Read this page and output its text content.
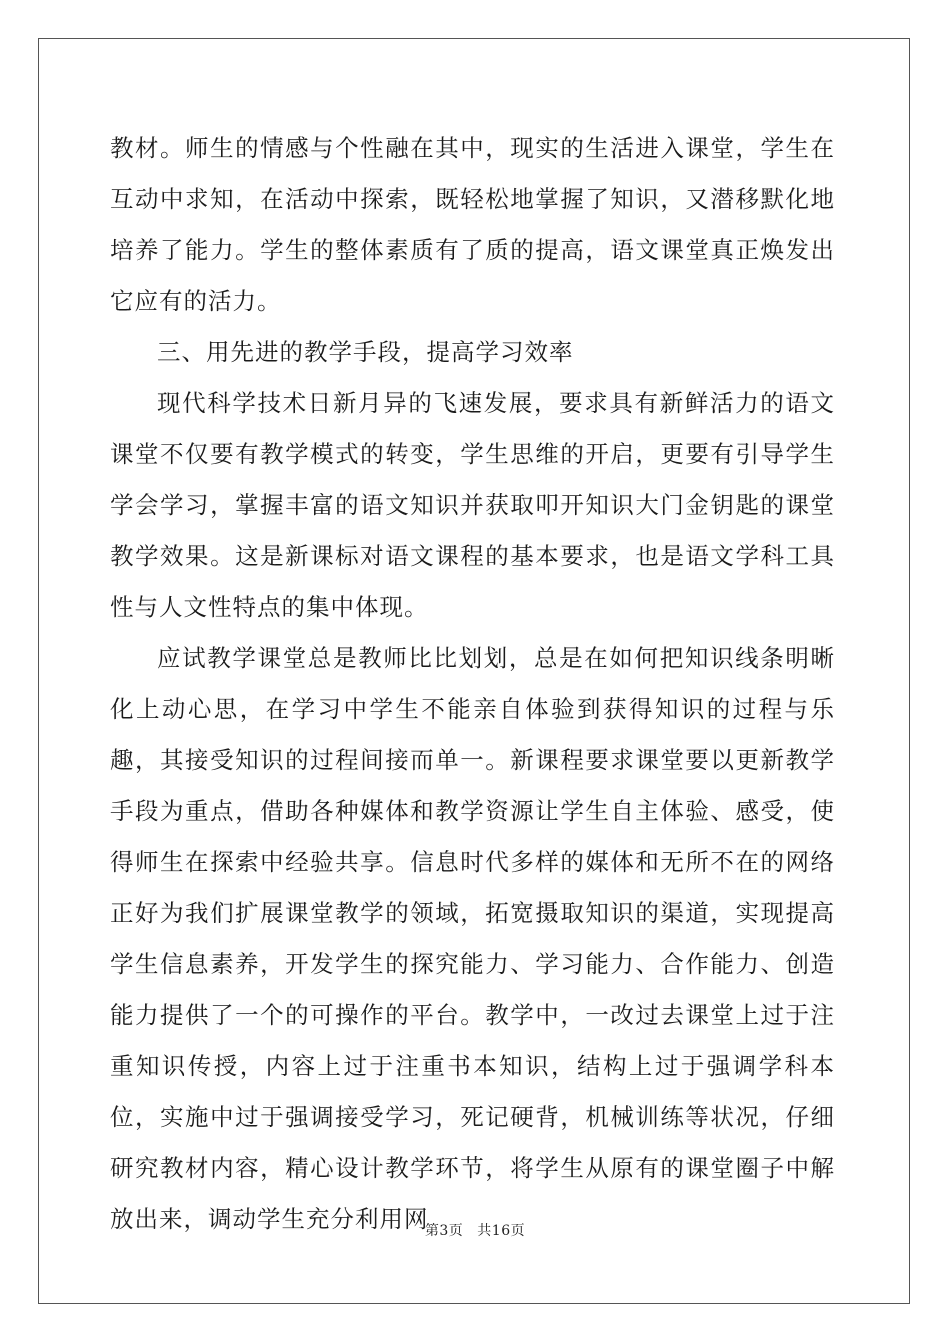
教材。师生的情感与个性融在其中，现实的生活进入课堂，学生在互动中求知，在活动中探索，既轻松地掌握了知识，又潜移默化地培养了能力。学生的整体素质有了质的提高，语文课堂真正焕发出它应有的活力。

三、用先进的教学手段，提高学习效率

现代科学技术日新月异的飞速发展，要求具有新鲜活力的语文课堂不仅要有教学模式的转变，学生思维的开启，更要有引导学生学会学习，掌握丰富的语文知识并获取叩开知识大门金钥匙的课堂教学效果。这是新课标对语文课程的基本要求，也是语文学科工具性与人文性特点的集中体现。

应试教学课堂总是教师比比划划，总是在如何把知识线条明晰化上动心思，在学习中学生不能亲自体验到获得知识的过程与乐趣，其接受知识的过程间接而单一。新课程要求课堂要以更新教学手段为重点，借助各种媒体和教学资源让学生自主体验、感受，使得师生在探索中经验共享。信息时代多样的媒体和无所不在的网络正好为我们扩展课堂教学的领域，拓宽摄取知识的渠道，实现提高学生信息素养，开发学生的探究能力、学习能力、合作能力、创造能力提供了一个的可操作的平台。教学中，一改过去课堂上过于注重知识传授，内容上过于注重书本知识，结构上过于强调学科本位，实施中过于强调接受学习，死记硬背，机械训练等状况，仔细研究教材内容，精心设计教学环节，将学生从原有的课堂圈子中解放出来，调动学生充分利用网

第3页 共16页
